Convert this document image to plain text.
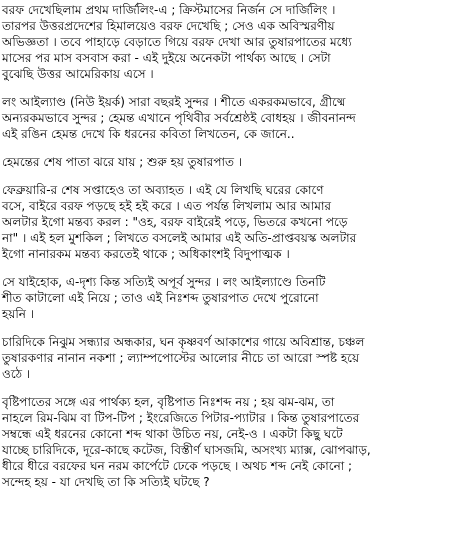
বরফ দেখেছিলাম প্রথম দার্জিলিং-এ ; ক্রিস্টমাসের নির্জন সে দার্জিলিং ।
তারপর উত্তরপ্রদেশের হিমালয়েও বরফ দেখেছি ; সেও এক অবিস্মরণীয়
অভিজ্ঞতা । তবে পাহাড়ে বেড়াতে গিয়ে বরফ দেখা আর তুষারপাতের মধ্যে
মাসের পর মাস বসবাস করা - এই দুইয়ে অনেকটা পার্থক্য আছে । সেটা
বুঝেছি উত্তর আমেরিকায় এসে ।

লং আইল্যাণ্ড (নিউ ইয়র্ক) সারা বছরই সুন্দর । শীতে একরকমভাবে, গ্রীষ্মে
অন্যরকমভাবে সুন্দর ; হেমন্ত এখানে পৃথিবীর সর্বশ্রেষ্ঠই বোধহয় । জীবনানন্দ
এই রঙিন হেমন্ত দেখে কি ধরনের কবিতা লিখতেন, কে জানে..

হেমন্তের শেষ পাতা ঝরে যায় ; শুরু হয় তুষারপাত ।

ফেব্রুয়ারি-র শেষ সপ্তাহেও তা অব্যাহত । এই যে লিখছি ঘরের কোণে
বসে, বাইরে বরফ পড়ছে হই হই করে । এত পর্যন্ত লিখলাম আর আমার
অলটার ইগো মন্তব্য করল : "ওহ, বরফ বাইরেই পড়ে, ভিতরে কখনো পড়ে
না" । এই হল মুশকিল ; লিখতে বসলেই আমার এই অতি-প্রাপ্তবয়স্ক অলটার
ইগো নানারকম মন্তব্য করতেই থাকে ; অধিকাংশই বিদুপাত্মক ।

সে যাইহোক, এ-দৃশ্য কিন্ত সত্যিই অপূর্ব সুন্দর । লং আইল্যাণ্ডে তিনটি
শীত কাটালো এই নিয়ে ; তাও এই নিঃশব্দ তুষারপাত দেখে পুরোনো
হয়নি ।

চারিদিকে নিঝুম সন্ধ্যার অন্ধকার, ঘন কৃষ্ণবর্ণ আকাশের গায়ে অবিশ্রান্ত, চঞ্চল
তুষারকণার নানান নকশা ; ল্যাম্পপোস্টের আলোর নীচে তা আরো স্পষ্ট হয়ে
ওঠে ।

বৃষ্টিপাতের সঙ্গে এর পার্থক্য হল, বৃষ্টিপাত নিঃশব্দ নয় ; হয় ঝম-ঝম, তা
নাহলে রিম-ঝিম বা টিপ-টিপ ; ইংরেজিতে পিটার-প্যাটার । কিন্ত তুষারপাতের
সম্বন্ধে এই ধরনের কোনো শব্দ থাকা উচিত নয়, নেই-ও । একটা কিছু ঘটে
যাচ্ছে চারিদিকে, দূরে-কাছে কটেজ, বিস্তীর্ণ ঘাসজমি, অসংখ্য ম্যাক্স, ঝোপঝাড়,
ধীরে ধীরে বরফের ঘন নরম কার্পেটে ঢেকে পড়ছে । অথচ শব্দ নেই কোনো ;
সন্দেহ হয় - যা দেখছি তা কি সত্যিই ঘটছে ?
